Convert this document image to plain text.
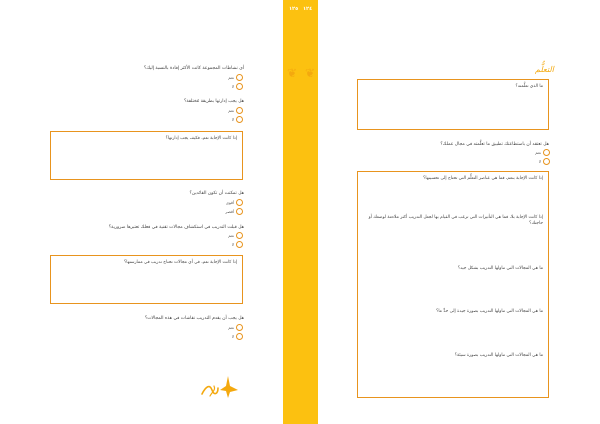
١٢٥ ١٢٤
❦ ❦	التعلُّم
ما الذي تعلَّمته؟
هل تعتقد أن باستطاعتك تطبيق ما تعلَّمته في مجال عملك؟
نعم
لا
إذا كانت الإجابة بنعم، فما هي عناصر التعلُّم التي تحتاج إلى تحسينها؟
إذا كانت الإجابة بلا، فما هي التأثيرات التي ترغب في القيام بها لجعل التدريب أكثر ملاءمة لوضعك أو حاجتك؟
ما هي المجالات التي تناولها التدريب بشكل جيد؟
ما هي المجالات التي تناولها التدريب بصورة جيدة إلى حدٍّ ما؟
ما هي المجالات التي تناولها التدريب بصورة سيئة؟
أي نشاطات المجموعة كانت الأكثر إفادة بالنسبة إليك؟
نعم
لا
هل يجب إدارتها بطريقة مُختلفة؟
نعم
لا
إذا كانت الإجابة نعم، فكيف يجب إدارتها؟
هل تمكنت أن تكون القائدين؟
أقوى
أقصر
هل قبلت التدريب في استكشاف مجالات تقنية في فعلك تعتبرها ضرورية؟
نعم
لا
إذا كانت الإجابة نعم، في أي مجالات تحتاج تدريب في ممارستها؟
هل يجب أن يقدم التدريب نقاشات في هذه المجالات؟
نعم
لا
